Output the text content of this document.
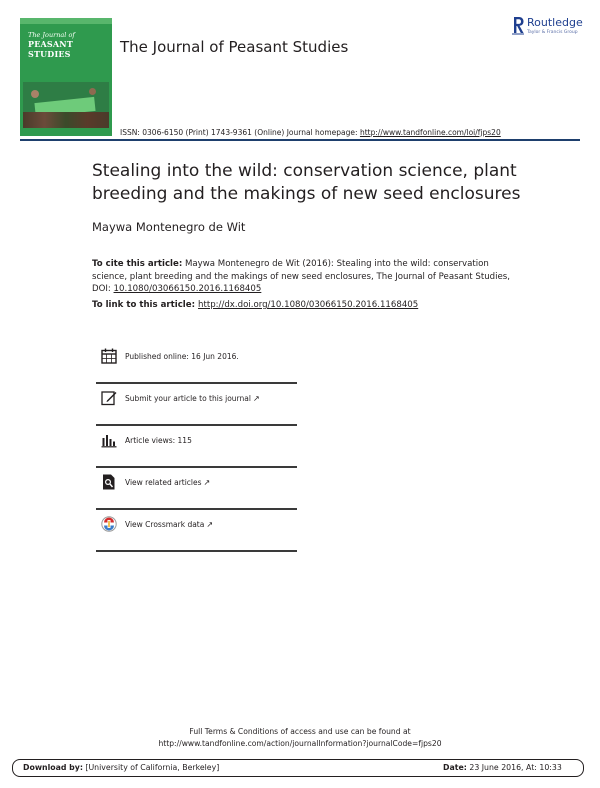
The Journal of
PEASANT STUDIES	The Journal of Peasant Studies
Routledge
Taylor & Francis Group
ISSN: 0306-6150 (Print) 1743-9361 (Online) Journal homepage: http://www.tandfonline.com/loi/fjps20
Stealing into the wild: conservation science, plant breeding and the makings of new seed enclosures
Maywa Montenegro de Wit
To cite this article: Maywa Montenegro de Wit (2016): Stealing into the wild: conservation science, plant breeding and the makings of new seed enclosures, The Journal of Peasant Studies, DOI: 10.1080/03066150.2016.1168405
To link to this article: http://dx.doi.org/10.1080/03066150.2016.1168405
Published online: 16 Jun 2016.
Submit your article to this journal ↗
Article views: 115
View related articles ↗
View Crossmark data ↗
Full Terms & Conditions of access and use can be found at
http://www.tandfonline.com/action/journalInformation?journalCode=fjps20
Download by: [University of California, Berkeley]	Date: 23 June 2016, At: 10:33
